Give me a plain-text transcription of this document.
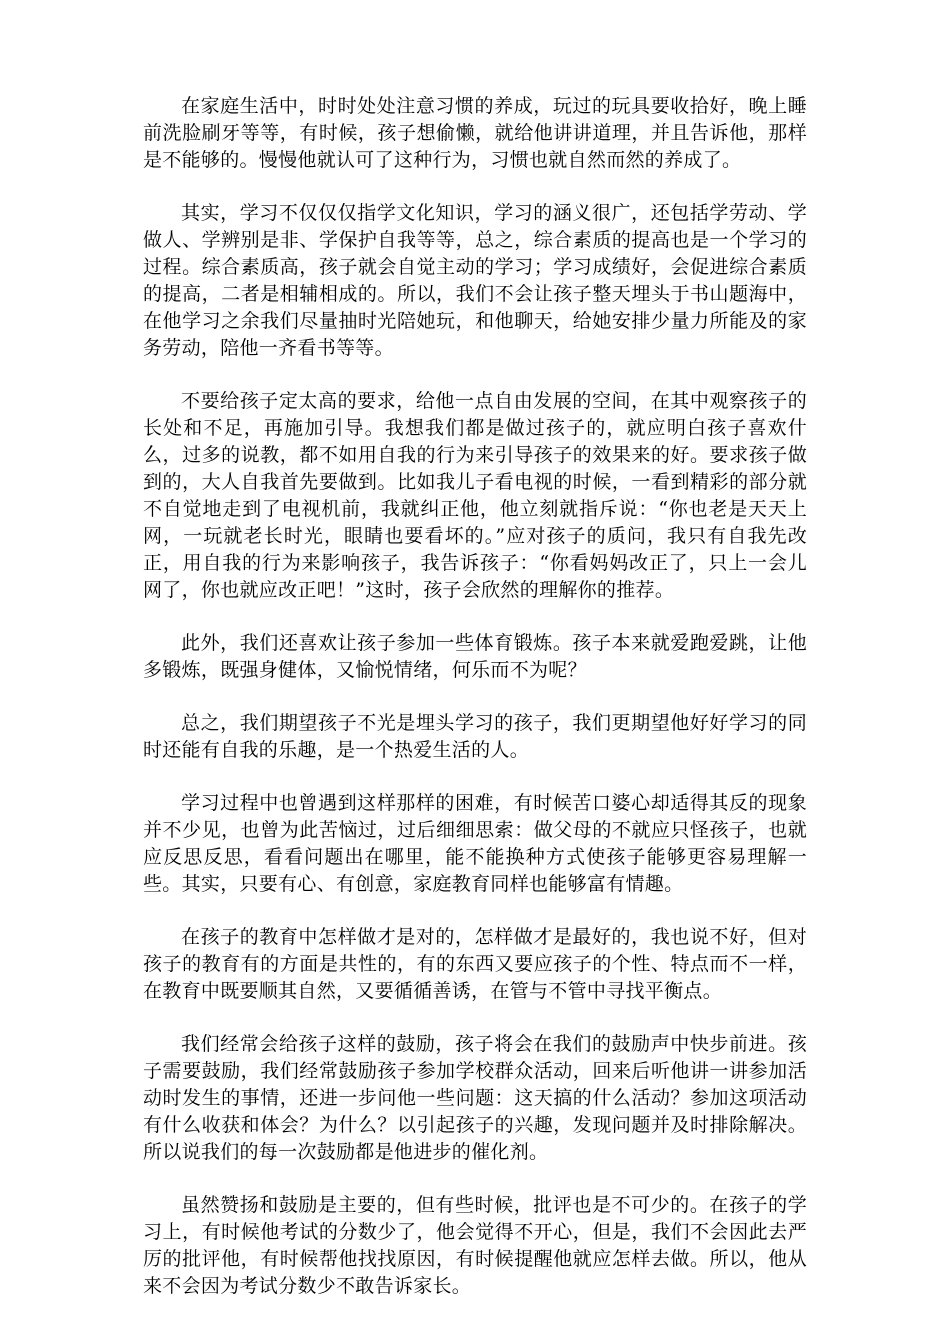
在家庭生活中，时时处处注意习惯的养成，玩过的玩具要收拾好，晚上睡前洗脸刷牙等等，有时候，孩子想偷懒，就给他讲讲道理，并且告诉他，那样是不能够的。慢慢他就认可了这种行为，习惯也就自然而然的养成了。

其实，学习不仅仅仅指学文化知识，学习的涵义很广，还包括学劳动、学做人、学辨别是非、学保护自我等等，总之，综合素质的提高也是一个学习的过程。综合素质高，孩子就会自觉主动的学习；学习成绩好，会促进综合素质的提高，二者是相辅相成的。所以，我们不会让孩子整天埋头于书山题海中，在他学习之余我们尽量抽时光陪她玩，和他聊天，给她安排少量力所能及的家务劳动，陪他一齐看书等等。

不要给孩子定太高的要求，给他一点自由发展的空间，在其中观察孩子的长处和不足，再施加引导。我想我们都是做过孩子的，就应明白孩子喜欢什么，过多的说教，都不如用自我的行为来引导孩子的效果来的好。要求孩子做到的，大人自我首先要做到。比如我儿子看电视的时候，一看到精彩的部分就不自觉地走到了电视机前，我就纠正他，他立刻就指斥说：“你也老是天天上网，一玩就老长时光，眼睛也要看坏的。”应对孩子的质问，我只有自我先改正，用自我的行为来影响孩子，我告诉孩子：“你看妈妈改正了，只上一会儿网了，你也就应改正吧！”这时，孩子会欣然的理解你的推荐。

此外，我们还喜欢让孩子参加一些体育锻炼。孩子本来就爱跑爱跳，让他多锻炼，既强身健体，又愉悦情绪，何乐而不为呢？

总之，我们期望孩子不光是埋头学习的孩子，我们更期望他好好学习的同时还能有自我的乐趣，是一个热爱生活的人。

学习过程中也曾遇到这样那样的困难，有时候苦口婆心却适得其反的现象并不少见，也曾为此苦恼过，过后细细思索：做父母的不就应只怪孩子，也就应反思反思，看看问题出在哪里，能不能换种方式使孩子能够更容易理解一些。其实，只要有心、有创意，家庭教育同样也能够富有情趣。

在孩子的教育中怎样做才是对的，怎样做才是最好的，我也说不好，但对孩子的教育有的方面是共性的，有的东西又要应孩子的个性、特点而不一样，在教育中既要顺其自然，又要循循善诱，在管与不管中寻找平衡点。

我们经常会给孩子这样的鼓励，孩子将会在我们的鼓励声中快步前进。孩子需要鼓励，我们经常鼓励孩子参加学校群众活动，回来后听他讲一讲参加活动时发生的事情，还进一步问他一些问题：这天搞的什么活动？参加这项活动有什么收获和体会？为什么？以引起孩子的兴趣，发现问题并及时排除解决。所以说我们的每一次鼓励都是他进步的催化剂。

虽然赞扬和鼓励是主要的，但有些时候，批评也是不可少的。在孩子的学习上，有时候他考试的分数少了，他会觉得不开心，但是，我们不会因此去严厉的批评他，有时候帮他找找原因，有时候提醒他就应怎样去做。所以，他从来不会因为考试分数少不敢告诉家长。
